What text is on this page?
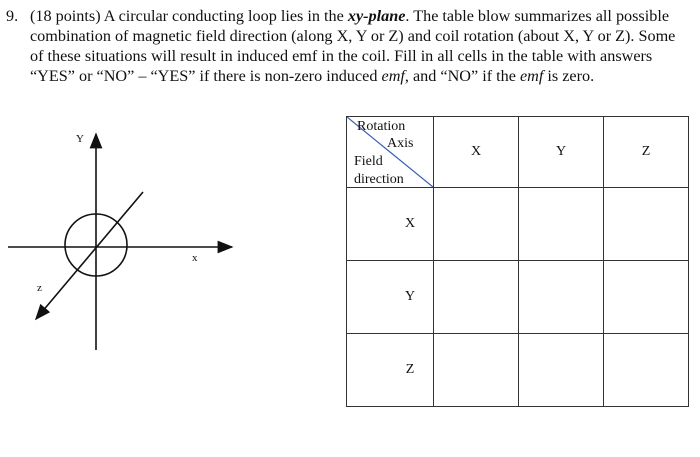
9. (18 points) A circular conducting loop lies in the xy-plane. The table blow summarizes all possible combination of magnetic field direction (along X, Y or Z) and coil rotation (about X, Y or Z). Some of these situations will result in induced emf in the coil. Fill in all cells in the table with answers “YES” or “NO” – “YES” if there is non-zero induced emf, and “NO” if the emf is zero.
Y
x
z
Rotation
Axis
Field
direction	X	Y	Z
X			
Y			
Z			
